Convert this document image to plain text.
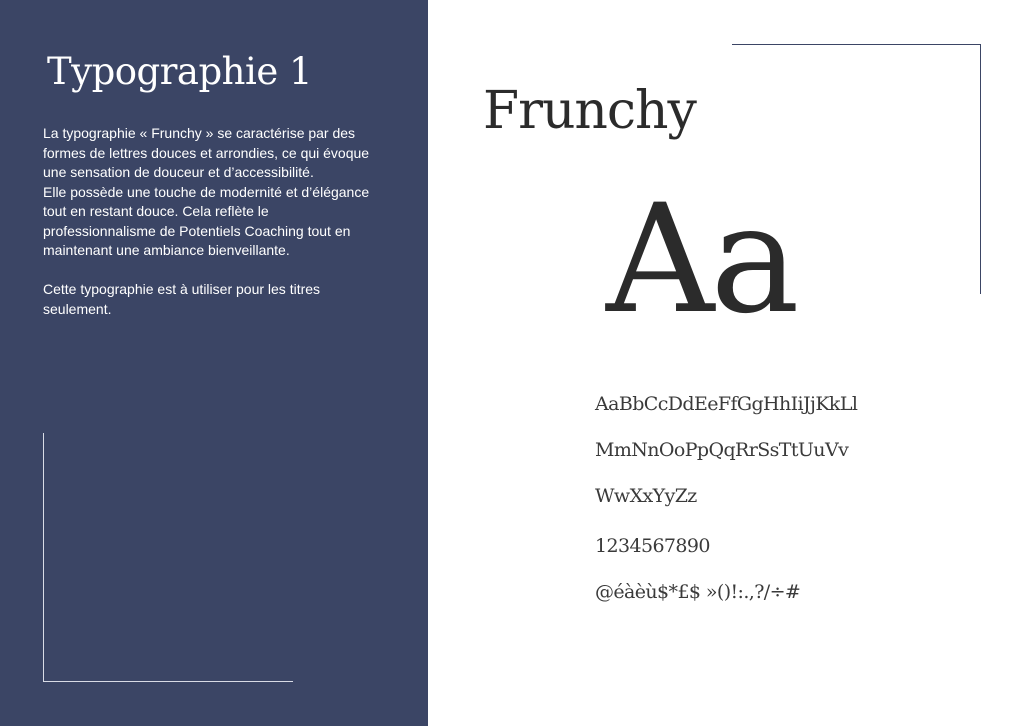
Typographie 1

La typographie « Frunchy » se caractérise par des formes de lettres douces et arrondies, ce qui évoque une sensation de douceur et d’accessibilité.

Elle possède une touche de modernité et d’élégance tout en restant douce. Cela reflète le professionnalisme de Potentiels Coaching tout en maintenant une ambiance bienveillante.

Cette typographie est à utiliser pour les titres seulement.

Frunchy
Aa
AaBbCcDdEeFfGgHhIiJjKkLl
MmNnOoPpQqRrSsTtUuVv
WwXxYyZz
1234567890
@éàèù$*£$ »()!:.,?/÷#
